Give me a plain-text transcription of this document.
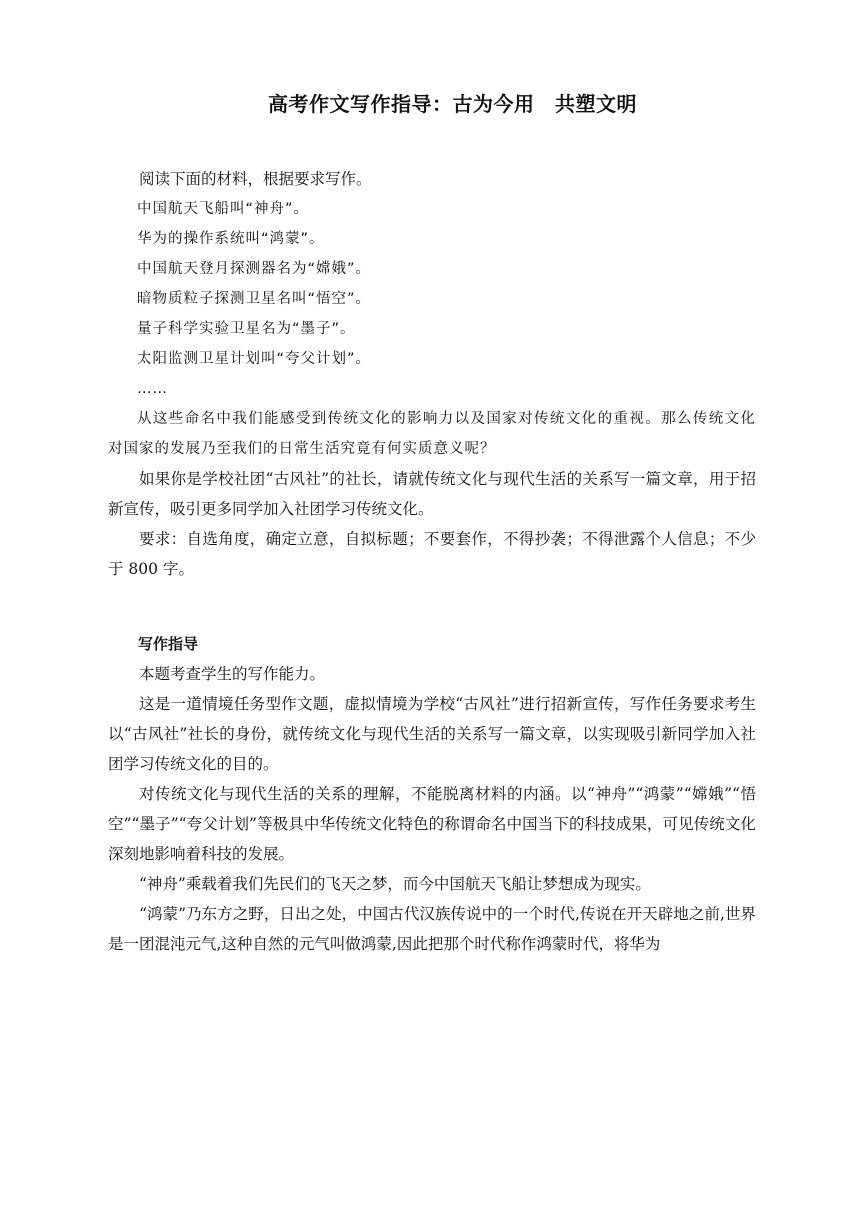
高考作文写作指导：古为今用　共塑文明

阅读下面的材料，根据要求写作。

中国航天飞船叫“神舟”。

华为的操作系统叫“鸿蒙”。

中国航天登月探测器名为“嫦娥”。

暗物质粒子探测卫星名叫“悟空”。

量子科学实验卫星名为“墨子”。

太阳监测卫星计划叫“夸父计划”。

……

从这些命名中我们能感受到传统文化的影响力以及国家对传统文化的重视。那么传统文化对国家的发展乃至我们的日常生活究竟有何实质意义呢？

如果你是学校社团“古风社”的社长，请就传统文化与现代生活的关系写一篇文章，用于招新宣传，吸引更多同学加入社团学习传统文化。

要求：自选角度，确定立意，自拟标题；不要套作，不得抄袭；不得泄露个人信息；不少于 800 字。

写作指导

本题考查学生的写作能力。

这是一道情境任务型作文题，虚拟情境为学校“古风社”进行招新宣传，写作任务要求考生以“古风社”社长的身份，就传统文化与现代生活的关系写一篇文章，以实现吸引新同学加入社团学习传统文化的目的。

对传统文化与现代生活的关系的理解，不能脱离材料的内涵。以“神舟”“鸿蒙”“嫦娥”“悟空”“墨子”“夸父计划”等极具中华传统文化特色的称谓命名中国当下的科技成果，可见传统文化深刻地影响着科技的发展。

“神舟”乘载着我们先民们的飞天之梦，而今中国航天飞船让梦想成为现实。

“鸿蒙”乃东方之野，日出之处，中国古代汉族传说中的一个时代,传说在开天辟地之前,世界是一团混沌元气,这种自然的元气叫做鸿蒙,因此把那个时代称作鸿蒙时代，将华为
